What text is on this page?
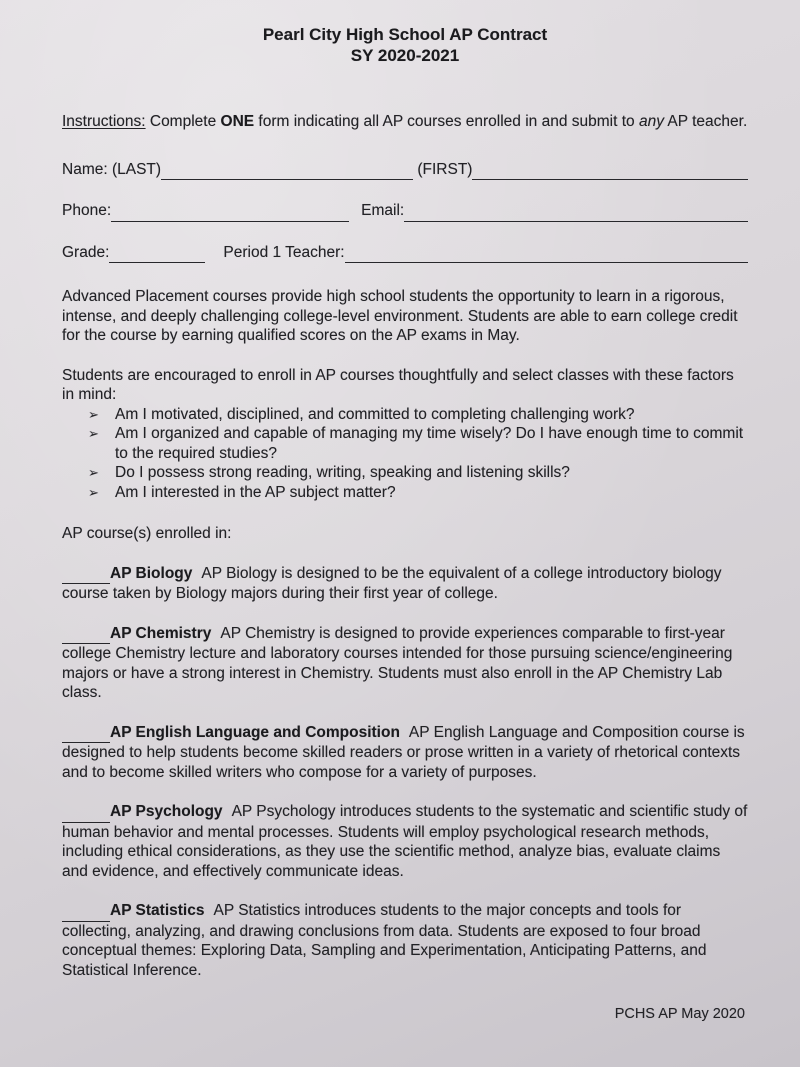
Pearl City High School AP Contract
SY 2020-2021

Instructions: Complete ONE form indicating all AP courses enrolled in and submit to any AP teacher.

Name: (LAST)
	(FIRST)

Phone:
	Email:

Grade:
	Period 1 Teacher:

Advanced Placement courses provide high school students the opportunity to learn in a rigorous, intense, and deeply challenging college-level environment. Students are able to earn college credit for the course by earning qualified scores on the AP exams in May.

Students are encouraged to enroll in AP courses thoughtfully and select classes with these factors in mind:

➢	Am I motivated, disciplined, and committed to completing challenging work?
➢	Am I organized and capable of managing my time wisely? Do I have enough time to commit to the required studies?
➢	Do I possess strong reading, writing, speaking and listening skills?
➢	Am I interested in the AP subject matter?

AP course(s) enrolled in:

AP Biology AP Biology is designed to be the equivalent of a college introductory biology course taken by Biology majors during their first year of college.

AP Chemistry AP Chemistry is designed to provide experiences comparable to first-year college Chemistry lecture and laboratory courses intended for those pursuing science/engineering majors or have a strong interest in Chemistry. Students must also enroll in the AP Chemistry Lab class.

AP English Language and Composition AP English Language and Composition course is designed to help students become skilled readers or prose written in a variety of rhetorical contexts and to become skilled writers who compose for a variety of purposes.

AP Psychology AP Psychology introduces students to the systematic and scientific study of human behavior and mental processes. Students will employ psychological research methods, including ethical considerations, as they use the scientific method, analyze bias, evaluate claims and evidence, and effectively communicate ideas.

AP Statistics AP Statistics introduces students to the major concepts and tools for collecting, analyzing, and drawing conclusions from data. Students are exposed to four broad conceptual themes: Exploring Data, Sampling and Experimentation, Anticipating Patterns, and Statistical Inference.

PCHS AP May 2020
